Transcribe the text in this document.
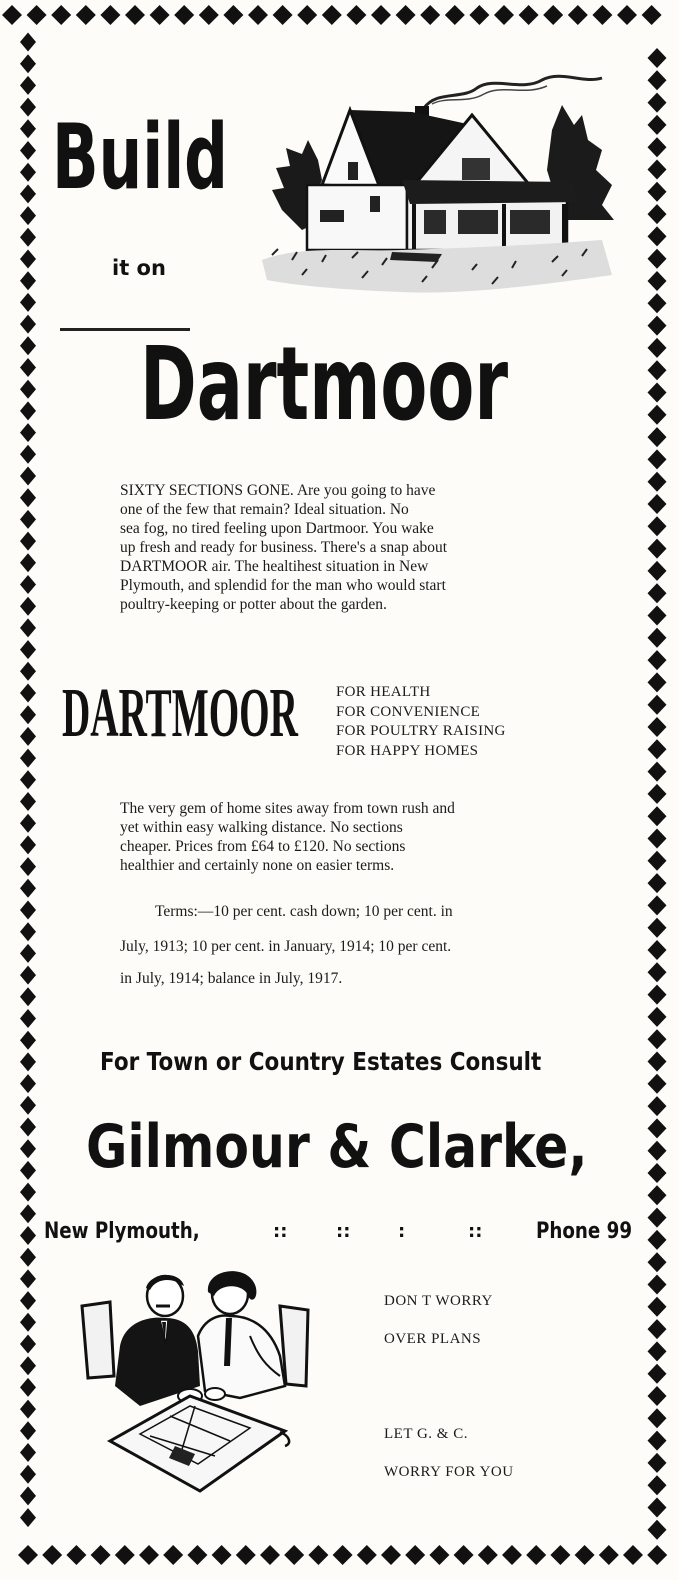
Build
it on
Dartmoor
SIXTY SECTIONS GONE. Are you going to have
one of the few that remain? Ideal situation. No
sea fog, no tired feeling upon Dartmoor. You wake
up fresh and ready for business. There's a snap about
DARTMOOR air. The healtihest situation in New
Plymouth, and splendid for the man who would start
poultry-keeping or potter about the garden.
DARTMOOR	FOR HEALTH
FOR CONVENIENCE
FOR POULTRY RAISING
FOR HAPPY HOMES
The very gem of home sites away from town rush and
yet within easy walking distance. No sections
cheaper. Prices from £64 to £120. No sections
healthier and certainly none on easier terms.
Terms:—10 per cent. cash down; 10 per cent. in
July, 1913; 10 per cent. in January, 1914; 10 per cent.
in July, 1914; balance in July, 1917.
For Town or Country Estates Consult
Gilmour & Clarke,
New Plymouth,	::	::	:	:: Phone 99
DON T WORRY
OVER PLANS
LET G. & C.
WORRY FOR YOU
